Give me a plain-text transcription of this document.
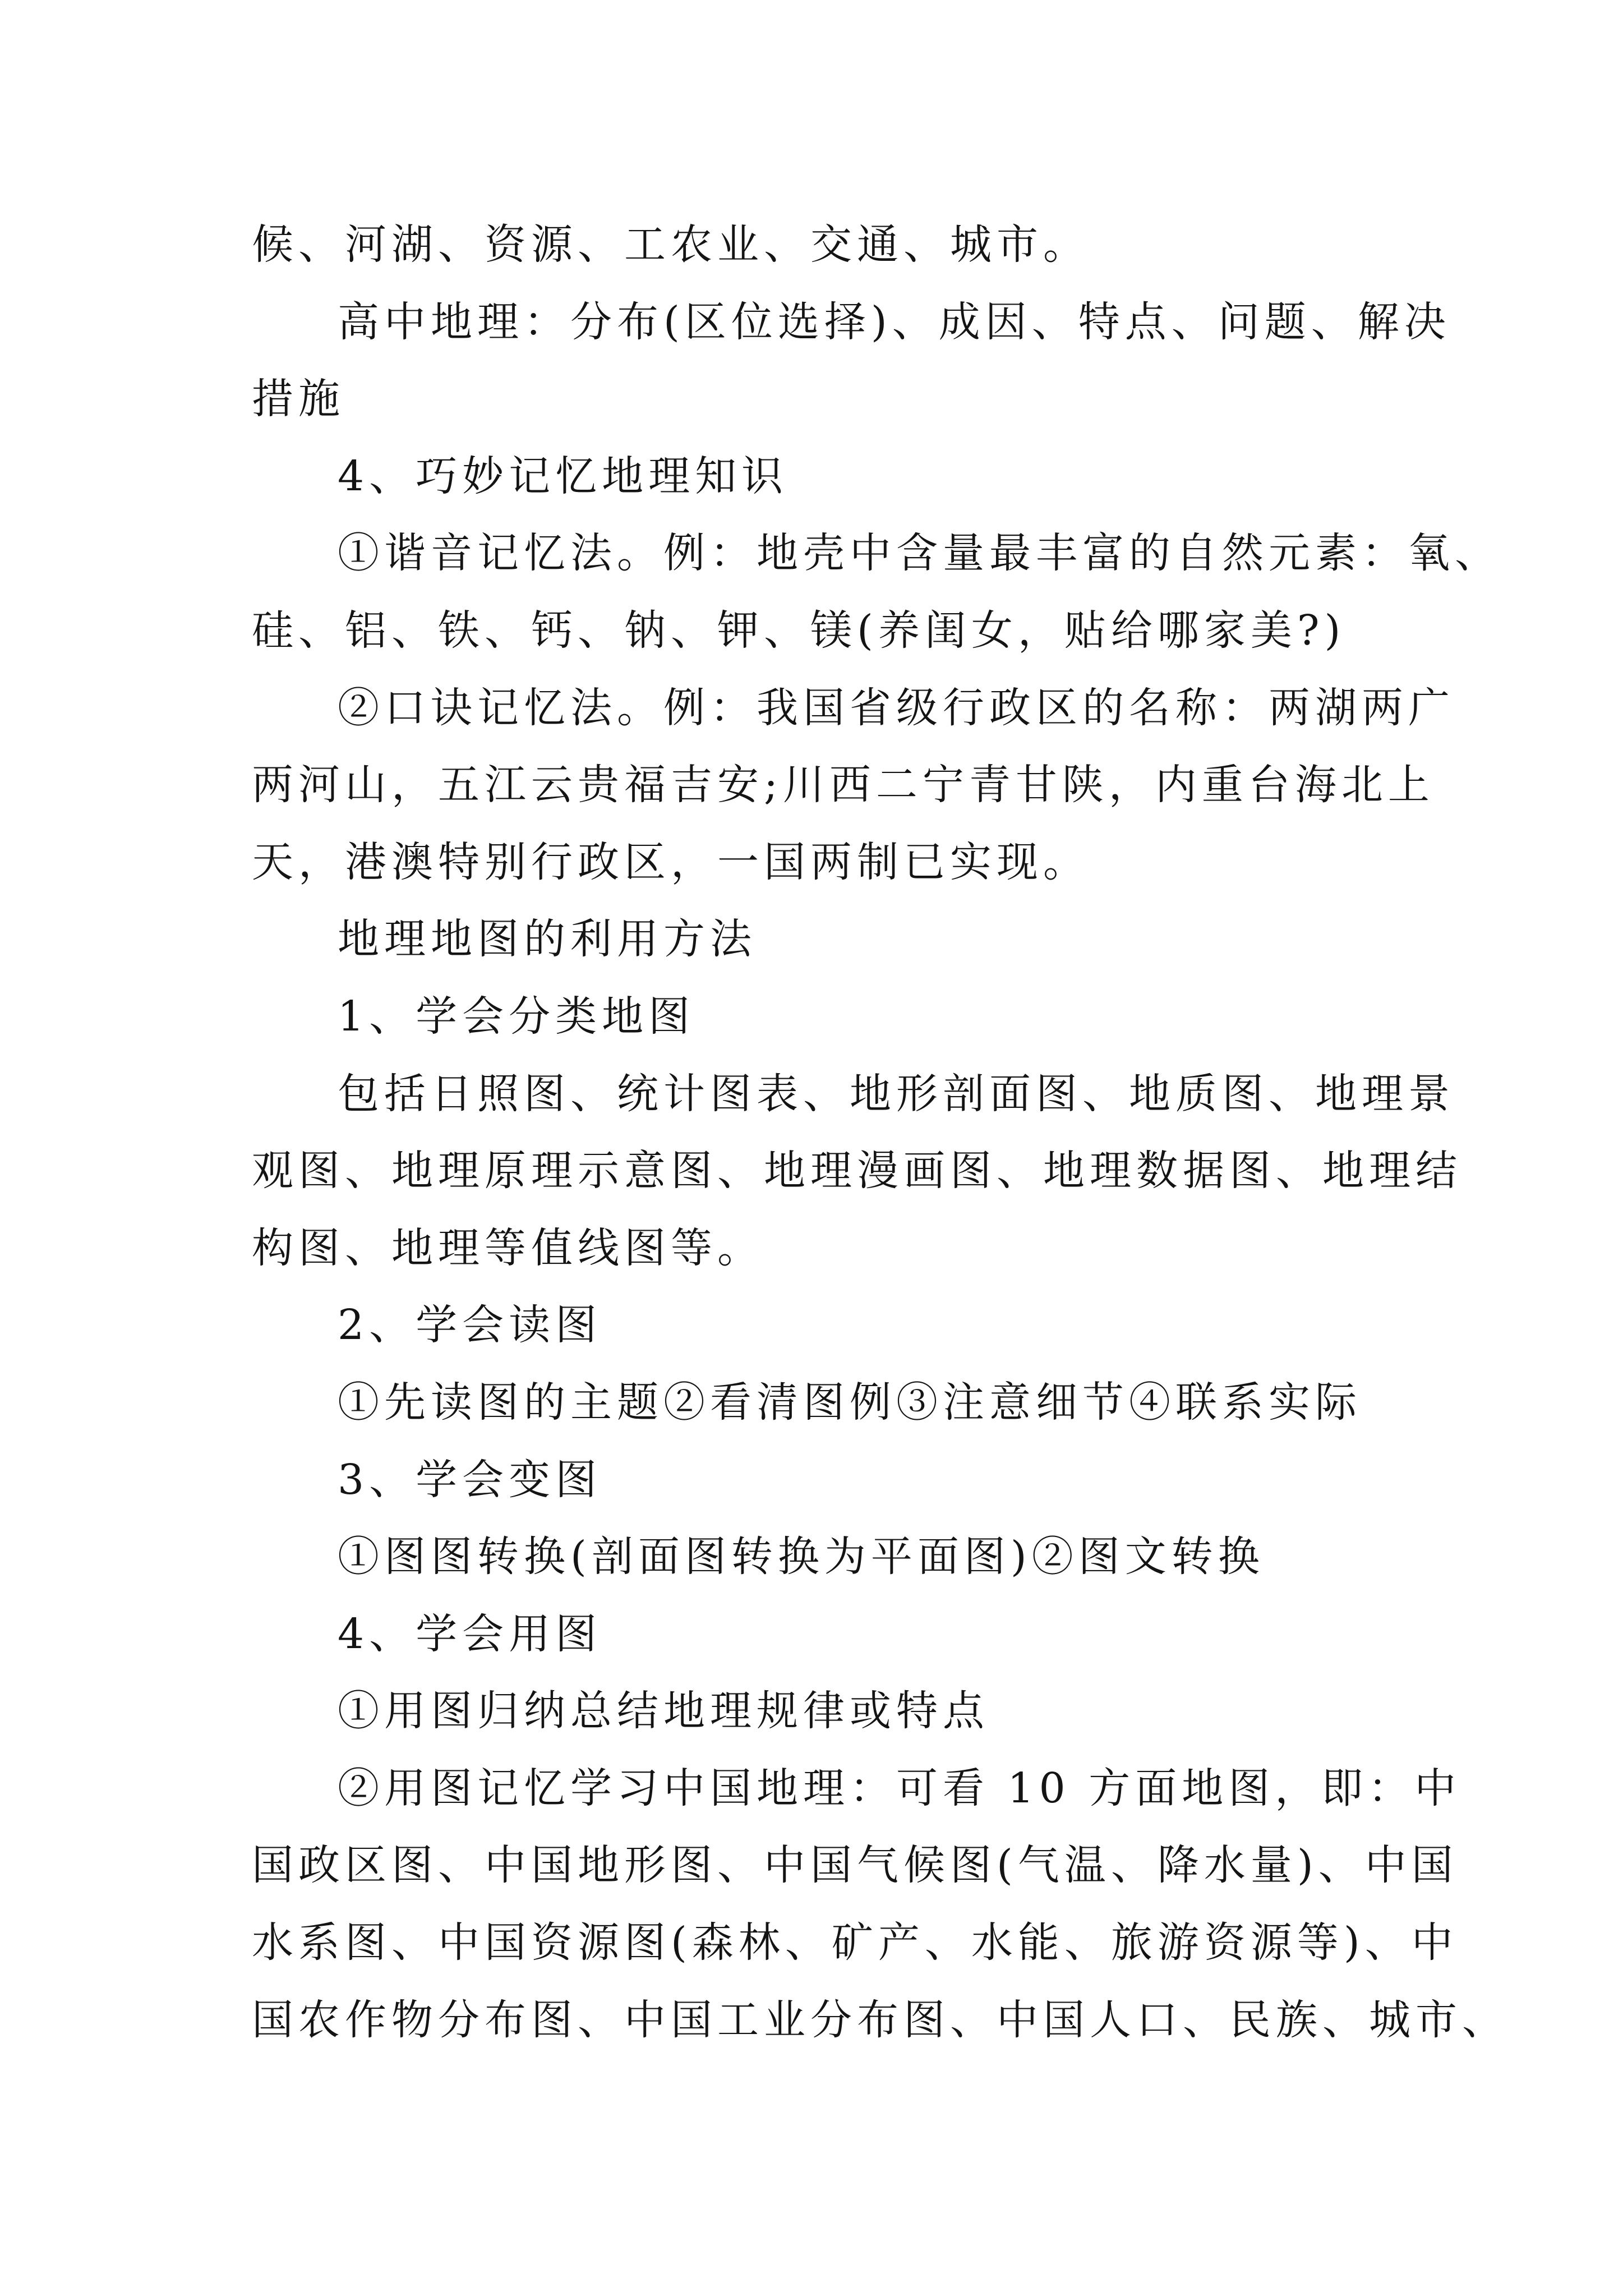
候、河湖、资源、工农业、交通、城市。
高中地理：分布(区位选择)、成因、特点、问题、解决
措施
4、巧妙记忆地理知识
①谐音记忆法。例：地壳中含量最丰富的自然元素：氧、
硅、铝、铁、钙、钠、钾、镁(养闺女，贴给哪家美?)
②口诀记忆法。例：我国省级行政区的名称：两湖两广
两河山，五江云贵福吉安;川西二宁青甘陕，内重台海北上
天，港澳特别行政区，一国两制已实现。
地理地图的利用方法
1、学会分类地图
包括日照图、统计图表、地形剖面图、地质图、地理景
观图、地理原理示意图、地理漫画图、地理数据图、地理结
构图、地理等值线图等。
2、学会读图
①先读图的主题②看清图例③注意细节④联系实际
3、学会变图
①图图转换(剖面图转换为平面图)②图文转换
4、学会用图
①用图归纳总结地理规律或特点
②用图记忆学习中国地理：可看 10 方面地图，即：中
国政区图、中国地形图、中国气候图(气温、降水量)、中国
水系图、中国资源图(森林、矿产、水能、旅游资源等)、中
国农作物分布图、中国工业分布图、中国人口、民族、城市、
